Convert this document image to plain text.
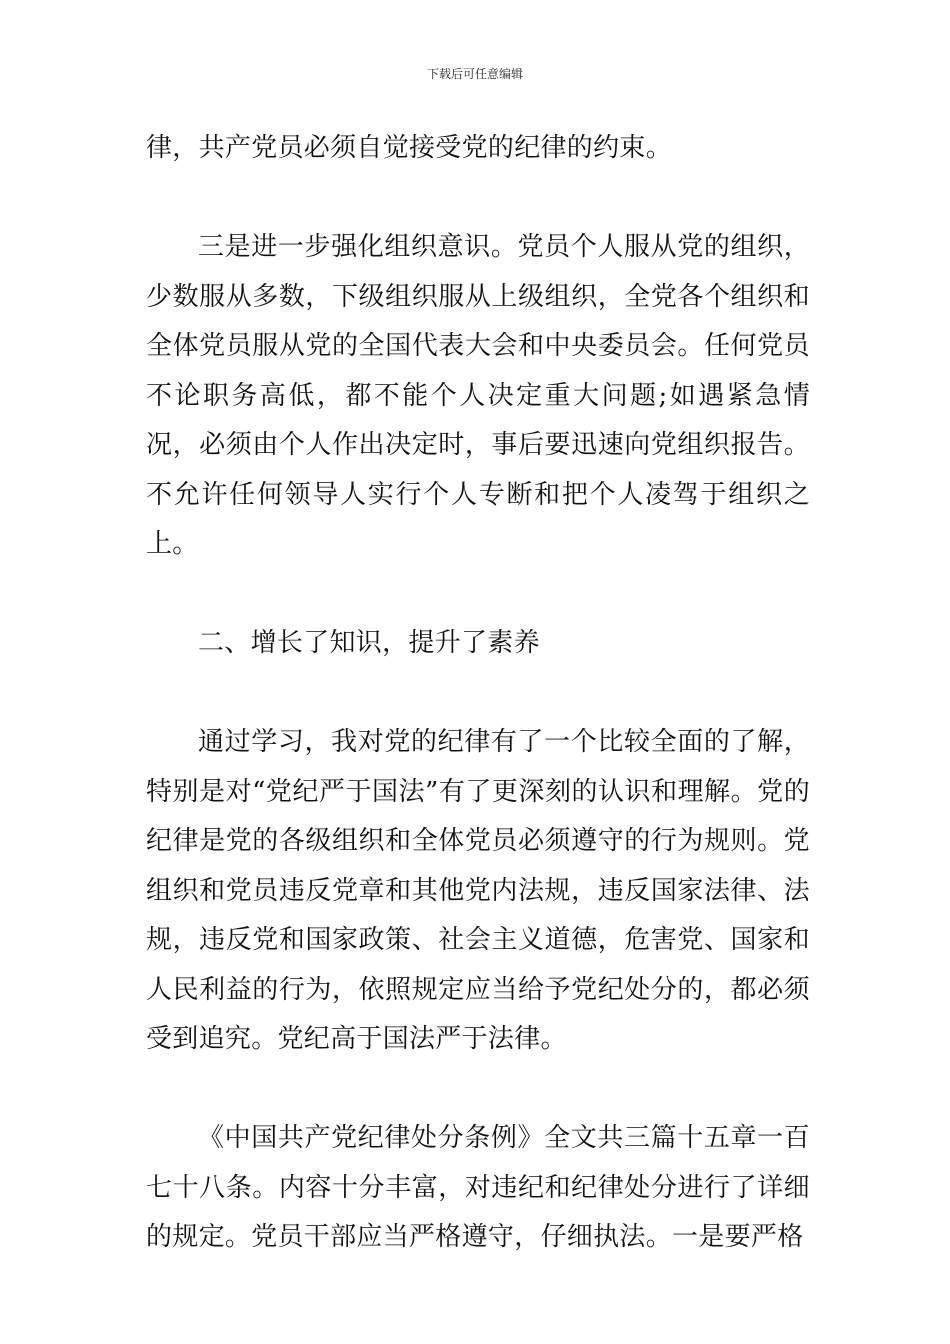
下载后可任意编辑

律，共产党员必须自觉接受党的纪律的约束。

三是进一步强化组织意识。党员个人服从党的组织，少数服从多数，下级组织服从上级组织，全党各个组织和全体党员服从党的全国代表大会和中央委员会。任何党员不论职务高低，都不能个人决定重大问题;如遇紧急情况，必须由个人作出决定时，事后要迅速向党组织报告。不允许任何领导人实行个人专断和把个人凌驾于组织之上。

二、增长了知识，提升了素养

通过学习，我对党的纪律有了一个比较全面的了解，特别是对“党纪严于国法”有了更深刻的认识和理解。党的纪律是党的各级组织和全体党员必须遵守的行为规则。党组织和党员违反党章和其他党内法规，违反国家法律、法规，违反党和国家政策、社会主义道德，危害党、国家和人民利益的行为，依照规定应当给予党纪处分的，都必须受到追究。党纪高于国法严于法律。

《中国共产党纪律处分条例》全文共三篇十五章一百七十八条。内容十分丰富，对违纪和纪律处分进行了详细的规定。党员干部应当严格遵守，仔细执法。一是要严格
